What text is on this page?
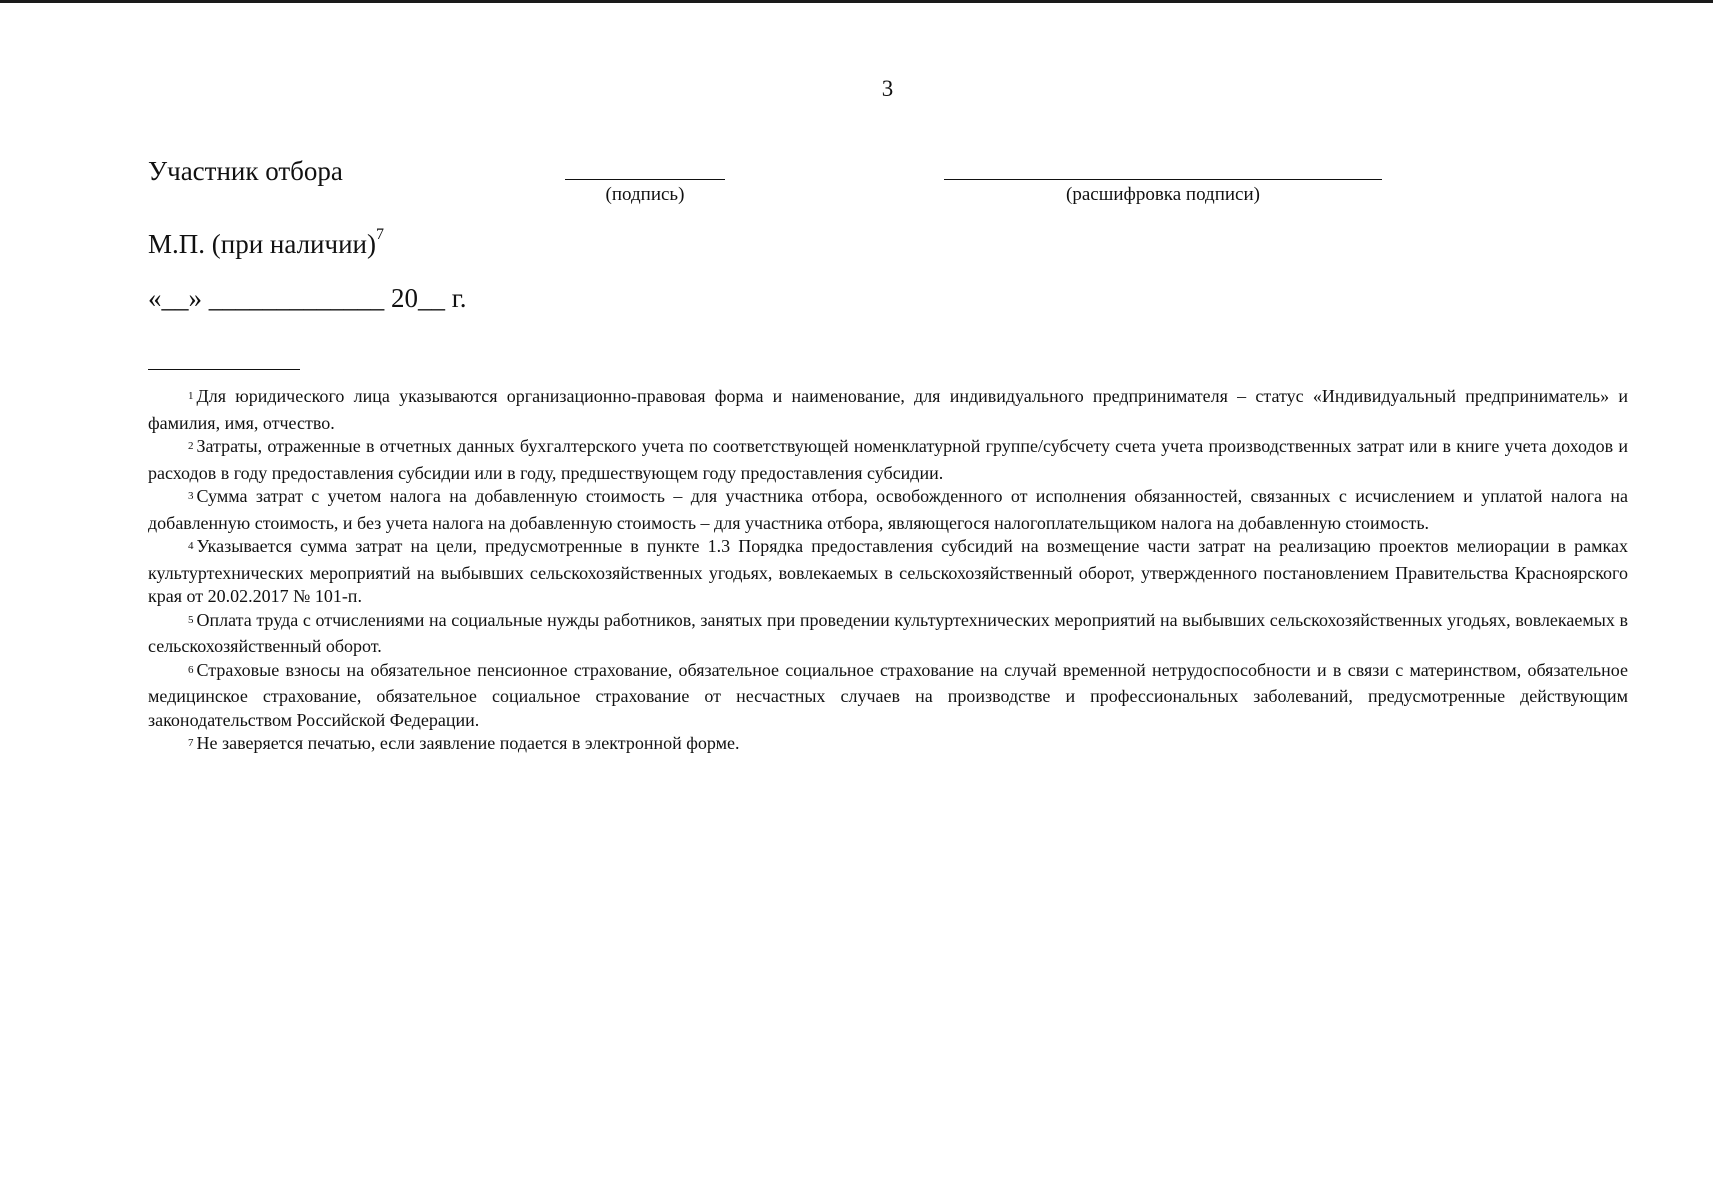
3
Участник отбора
(подпись)	(расшифровка подписи)
М.П. (при наличии)$^7$
«__» _____________ 20__ г.

$^1$ Для юридического лица указываются организационно-правовая форма и наименование, для индивидуального предпринимателя – статус «Индивидуальный предприниматель» и фамилия, имя, отчество.

$^2$ Затраты, отраженные в отчетных данных бухгалтерского учета по соответствующей номенклатурной группе/субсчету счета учета производственных затрат или в книге учета доходов и расходов в году предоставления субсидии или в году, предшествующем году предоставления субсидии.

$^3$ Сумма затрат с учетом налога на добавленную стоимость – для участника отбора, освобожденного от исполнения обязанностей, связанных с исчислением и уплатой налога на добавленную стоимость, и без учета налога на добавленную стоимость – для участника отбора, являющегося налогоплательщиком налога на добавленную стоимость.

$^4$ Указывается сумма затрат на цели, предусмотренные в пункте 1.3 Порядка предоставления субсидий на возмещение части затрат на реализацию проектов мелиорации в рамках культуртехнических мероприятий на выбывших сельскохозяйственных угодьях, вовлекаемых в сельскохозяйственный оборот, утвержденного постановлением Правительства Красноярского края от 20.02.2017 № 101-п.

$^5$ Оплата труда с отчислениями на социальные нужды работников, занятых при проведении культуртехнических мероприятий на выбывших сельскохозяйственных угодьях, вовлекаемых в сельскохозяйственный оборот.

$^6$ Страховые взносы на обязательное пенсионное страхование, обязательное социальное страхование на случай временной нетрудоспособности и в связи с материнством, обязательное медицинское страхование, обязательное социальное страхование от несчастных случаев на производстве и профессиональных заболеваний, предусмотренные действующим законодательством Российской Федерации.

$^7$ Не заверяется печатью, если заявление подается в электронной форме.
